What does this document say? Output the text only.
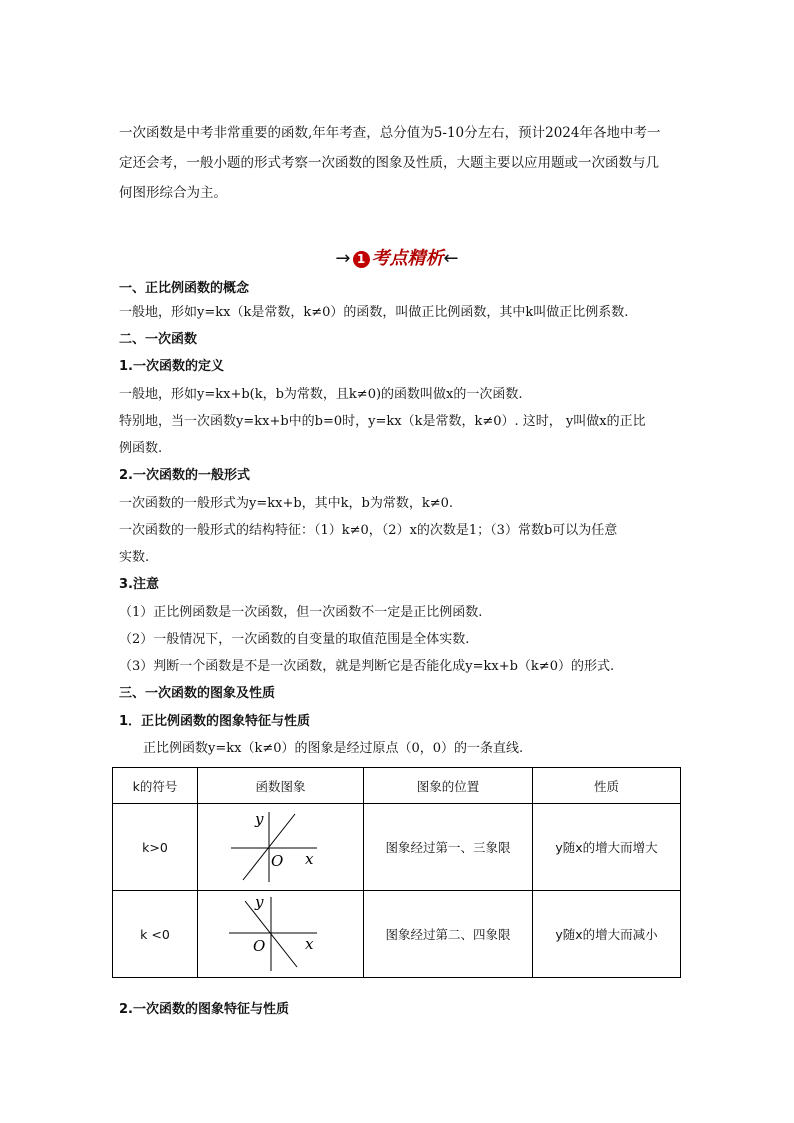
一次函数是中考非常重要的函数,年年考查，总分值为5-10分左右，预计2024年各地中考一
定还会考，一般小题的形式考察一次函数的图象及性质，大题主要以应用题或一次函数与几
何图形综合为主。
→ 1 考点精析←
一、正比例函数的概念
一般地，形如y=kx（k是常数，k≠0）的函数，叫做正比例函数，其中k叫做正比例系数.
二、一次函数
1.一次函数的定义
一般地，形如y=kx+b(k，b为常数，且k≠0)的函数叫做x的一次函数.
特别地，当一次函数y=kx+b中的b=0时，y=kx（k是常数，k≠0）. 这时， y叫做x的正比
例函数.
2.一次函数的一般形式
一次函数的一般形式为y=kx+b，其中k，b为常数，k≠0.
一次函数的一般形式的结构特征：（1）k≠0，（2）x的次数是1；（3）常数b可以为任意
实数.
3.注意
（1）正比例函数是一次函数，但一次函数不一定是正比例函数.
（2）一般情况下，一次函数的自变量的取值范围是全体实数.
（3）判断一个函数是不是一次函数，就是判断它是否能化成y=kx+b（k≠0）的形式.
三、一次函数的图象及性质
1．正比例函数的图象特征与性质
正比例函数y=kx（k≠0）的图象是经过原点（0，0）的一条直线.
k的符号	函数图象	图象的位置	性质
k>0	y
x
O	图象经过第一、三象限	y随x的增大而增大
k <0	y
x
O	图象经过第二、四象限	y随x的增大而减小
2.一次函数的图象特征与性质
